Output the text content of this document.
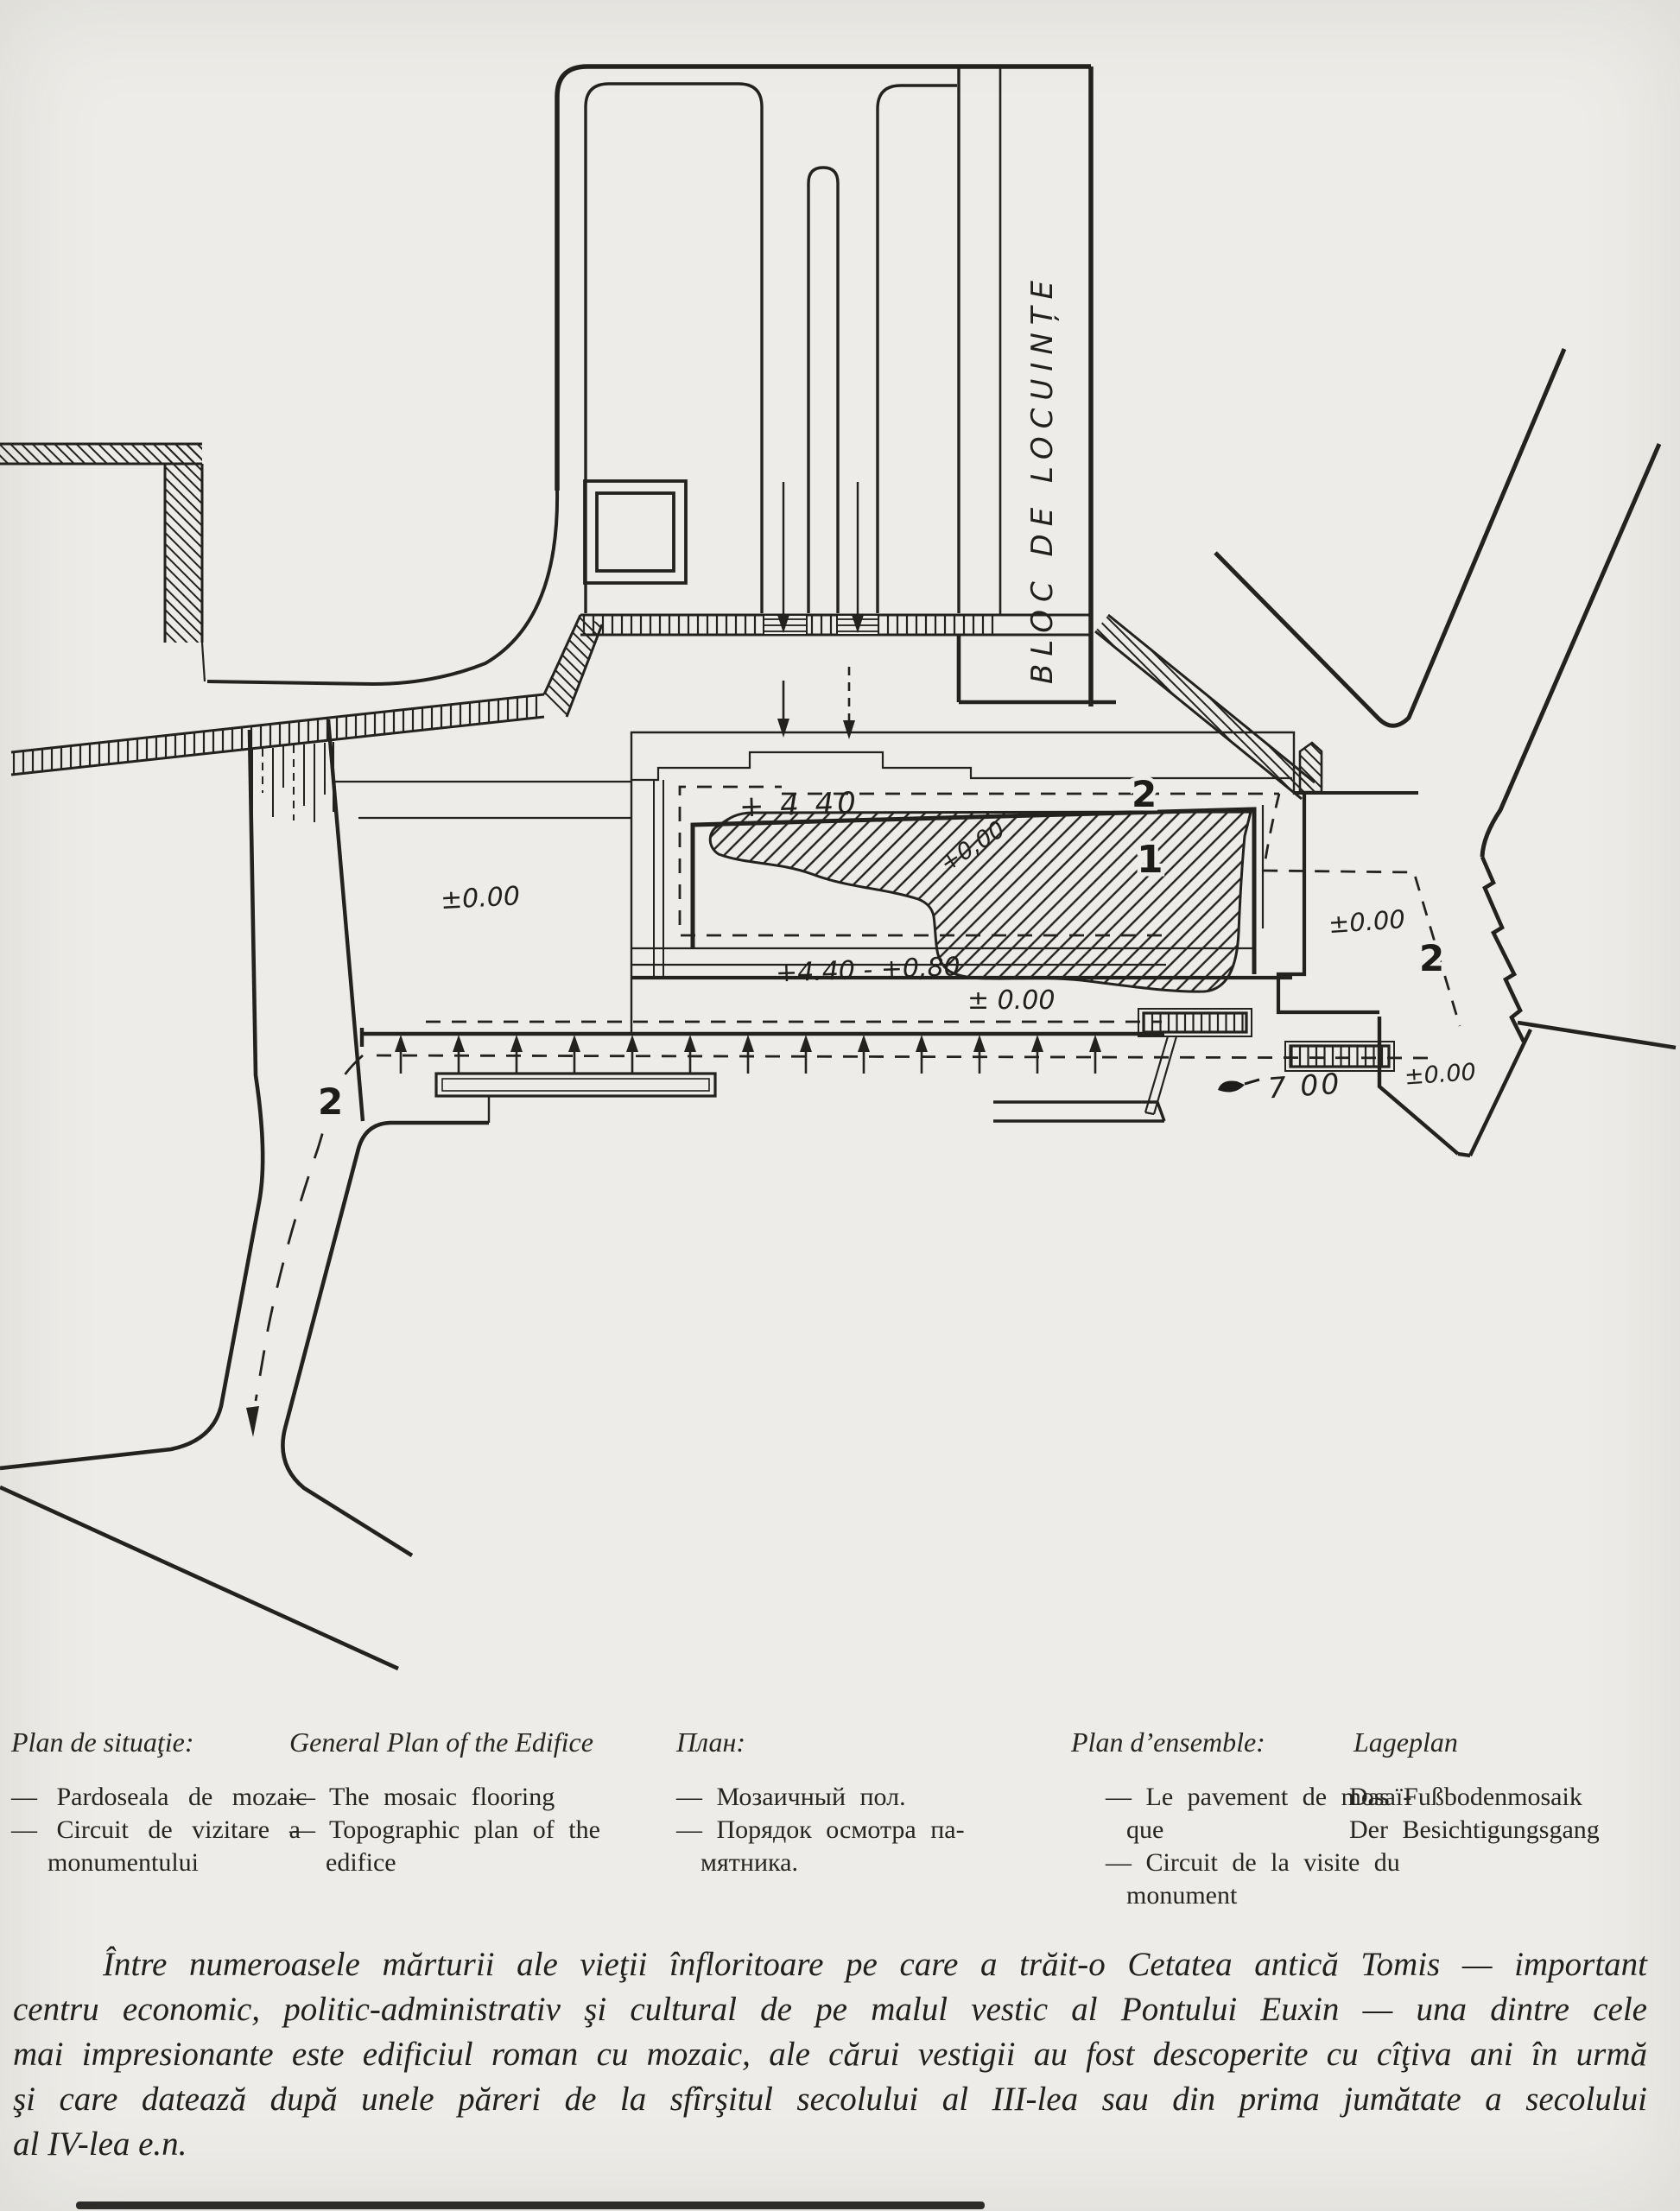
BLOC DE LOCUINȚE
+ 4 40
±0.00
+0,00	1
2
+4.40 - +0,80
± 0.00
7 00
±0.00
2
±0.00
2
Plan de situaţie:
— Pardoseala de mozaic
— Circuit de vizitare a
monumentului
General Plan of the Edifice
— The mosaic flooring
— Topographic plan of the
edifice
План:
— Мозаичный пол.
— Порядок осмотра па-
мятника.
Plan d’ensemble:
— Le pavement de mosaï-
que
— Circuit de la visite du
monument
Lageplan
Das Fußbodenmosaik
Der Besichtigungsgang
Între numeroasele mărturii ale vieţii înfloritoare pe care a trăit-o Cetatea antică Tomis — important
centru economic, politic-administrativ şi cultural de pe malul vestic al Pontului Euxin — una dintre cele
mai impresionante este edificiul roman cu mozaic, ale cărui vestigii au fost descoperite cu cîţiva ani în urmă
şi care datează după unele păreri de la sfîrşitul secolului al III-lea sau din prima jumătate a secolului
al IV-lea e.n.
